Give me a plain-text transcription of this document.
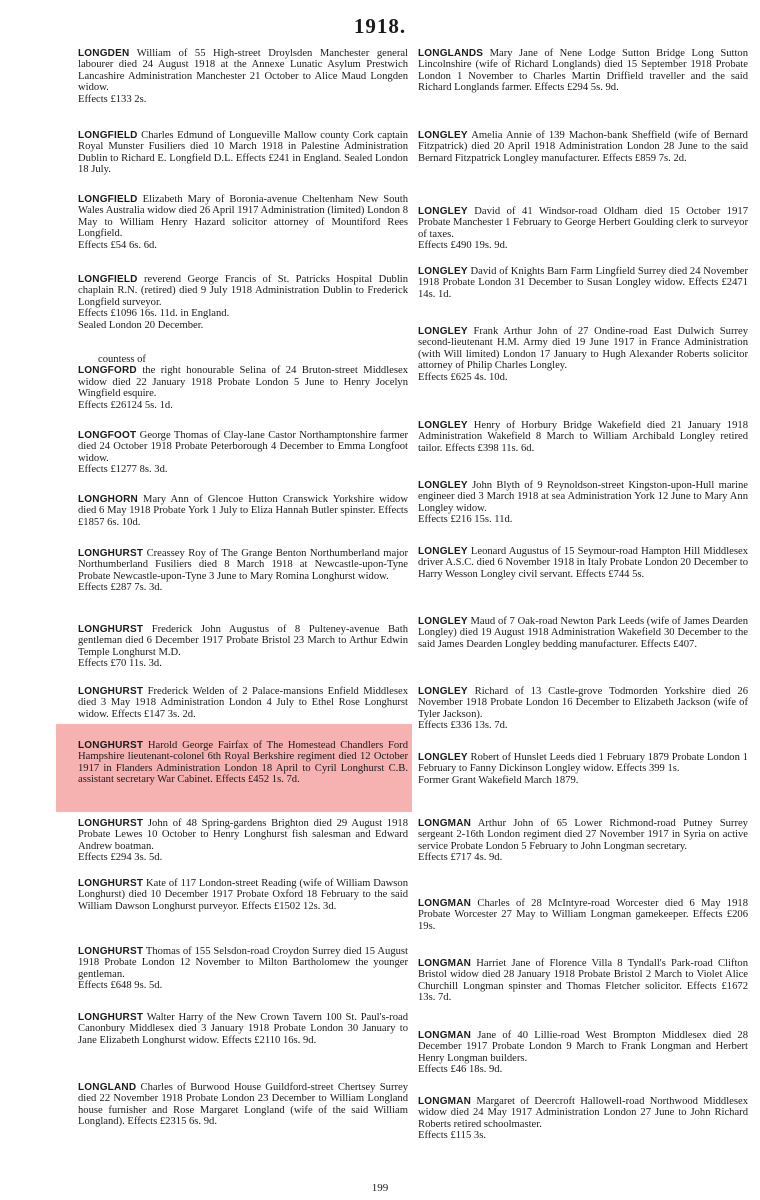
1918.
LONGDEN William of 55 High-street Droylsden Manchester general labourer died 24 August 1918 at the Annexe Lunatic Asylum Prestwich Lancashire Administration Manchester 21 October to Alice Maud Longden widow.
Effects £133 2s.
LONGFIELD Charles Edmund of Longueville Mallow county Cork captain Royal Munster Fusiliers died 10 March 1918 in Palestine Administration Dublin to Richard E. Longfield D.L. Effects £241 in England. Sealed London 18 July.
LONGFIELD Elizabeth Mary of Boronia-avenue Cheltenham New South Wales Australia widow died 26 April 1917 Administration (limited) London 8 May to William Henry Hazard solicitor attorney of Mountiford Rees Longfield.
Effects £54 6s. 6d.
LONGFIELD reverend George Francis of St. Patricks Hospital Dublin chaplain R.N. (retired) died 9 July 1918 Administration Dublin to Frederick Longfield surveyor.
Effects £1096 16s. 11d. in England.
Sealed London 20 December.
countess of
LONGFORD the right honourable Selina of 24 Bruton-street Middlesex widow died 22 January 1918 Probate London 5 June to Henry Jocelyn Wingfield esquire.
Effects £26124 5s. 1d.
LONGFOOT George Thomas of Clay-lane Castor Northamptonshire farmer died 24 October 1918 Probate Peterborough 4 December to Emma Longfoot widow.
Effects £1277 8s. 3d.
LONGHORN Mary Ann of Glencoe Hutton Cranswick Yorkshire widow died 6 May 1918 Probate York 1 July to Eliza Hannah Butler spinster. Effects £1857 6s. 10d.
LONGHURST Creassey Roy of The Grange Benton Northumberland major Northumberland Fusiliers died 8 March 1918 at Newcastle-upon-Tyne Probate Newcastle-upon-Tyne 3 June to Mary Romina Longhurst widow.
Effects £287 7s. 3d.
LONGHURST Frederick John Augustus of 8 Pulteney-avenue Bath gentleman died 6 December 1917 Probate Bristol 23 March to Arthur Edwin Temple Longhurst M.D.
Effects £70 11s. 3d.
LONGHURST Frederick Welden of 2 Palace-mansions Enfield Middlesex died 3 May 1918 Administration London 4 July to Ethel Rose Longhurst widow. Effects £147 3s. 2d.
LONGHURST Harold George Fairfax of The Homestead Chandlers Ford Hampshire lieutenant-colonel 6th Royal Berkshire regiment died 12 October 1917 in Flanders Administration London 18 April to Cyril Longhurst C.B. assistant secretary War Cabinet. Effects £452 1s. 7d.
LONGHURST John of 48 Spring-gardens Brighton died 29 August 1918 Probate Lewes 10 October to Henry Longhurst fish salesman and Edward Andrew boatman.
Effects £294 3s. 5d.
LONGHURST Kate of 117 London-street Reading (wife of William Dawson Longhurst) died 10 December 1917 Probate Oxford 18 February to the said William Dawson Longhurst purveyor. Effects £1502 12s. 3d.
LONGHURST Thomas of 155 Selsdon-road Croydon Surrey died 15 August 1918 Probate London 12 November to Milton Bartholomew the younger gentleman.
Effects £648 9s. 5d.
LONGHURST Walter Harry of the New Crown Tavern 100 St. Paul's-road Canonbury Middlesex died 3 January 1918 Probate London 30 January to Jane Elizabeth Longhurst widow. Effects £2110 16s. 9d.
LONGLAND Charles of Burwood House Guildford-street Chertsey Surrey died 22 November 1918 Probate London 23 December to William Longland house furnisher and Rose Margaret Longland (wife of the said William Longland). Effects £2315 6s. 9d.
LONGLANDS Mary Jane of Nene Lodge Sutton Bridge Long Sutton Lincolnshire (wife of Richard Longlands) died 15 September 1918 Probate London 1 November to Charles Martin Driffield traveller and the said Richard Longlands farmer. Effects £294 5s. 9d.
LONGLEY Amelia Annie of 139 Machon-bank Sheffield (wife of Bernard Fitzpatrick) died 20 April 1918 Administration London 28 June to the said Bernard Fitzpatrick Longley manufacturer. Effects £859 7s. 2d.
LONGLEY David of 41 Windsor-road Oldham died 15 October 1917 Probate Manchester 1 February to George Herbert Goulding clerk to surveyor of taxes.
Effects £490 19s. 9d.
LONGLEY David of Knights Barn Farm Lingfield Surrey died 24 November 1918 Probate London 31 December to Susan Longley widow. Effects £2471 14s. 1d.
LONGLEY Frank Arthur John of 27 Ondine-road East Dulwich Surrey second-lieutenant H.M. Army died 19 June 1917 in France Administration (with Will limited) London 17 January to Hugh Alexander Roberts solicitor attorney of Philip Charles Longley.
Effects £625 4s. 10d.
LONGLEY Henry of Horbury Bridge Wakefield died 21 January 1918 Administration Wakefield 8 March to William Archibald Longley retired tailor. Effects £398 11s. 6d.
LONGLEY John Blyth of 9 Reynoldson-street Kingston-upon-Hull marine engineer died 3 March 1918 at sea Administration York 12 June to Mary Ann Longley widow.
Effects £216 15s. 11d.
LONGLEY Leonard Augustus of 15 Seymour-road Hampton Hill Middlesex driver A.S.C. died 6 November 1918 in Italy Probate London 20 December to Harry Wesson Longley civil servant. Effects £744 5s.
LONGLEY Maud of 7 Oak-road Newton Park Leeds (wife of James Dearden Longley) died 19 August 1918 Administration Wakefield 30 December to the said James Dearden Longley bedding manufacturer. Effects £407.
LONGLEY Richard of 13 Castle-grove Todmorden Yorkshire died 26 November 1918 Probate London 16 December to Elizabeth Jackson (wife of Tyler Jackson).
Effects £336 13s. 7d.
LONGLEY Robert of Hunslet Leeds died 1 February 1879 Probate London 1 February to Fanny Dickinson Longley widow. Effects 399 1s.
Former Grant Wakefield March 1879.
LONGMAN Arthur John of 65 Lower Richmond-road Putney Surrey sergeant 2-16th London regiment died 27 November 1917 in Syria on active service Probate London 5 February to John Longman secretary.
Effects £717 4s. 9d.
LONGMAN Charles of 28 McIntyre-road Worcester died 6 May 1918 Probate Worcester 27 May to William Longman gamekeeper. Effects £206 19s.
LONGMAN Harriet Jane of Florence Villa 8 Tyndall's Park-road Clifton Bristol widow died 28 January 1918 Probate Bristol 2 March to Violet Alice Churchill Longman spinster and Thomas Fletcher solicitor. Effects £1672 13s. 7d.
LONGMAN Jane of 40 Lillie-road West Brompton Middlesex died 28 December 1917 Probate London 9 March to Frank Longman and Herbert Henry Longman builders.
Effects £46 18s. 9d.
LONGMAN Margaret of Deercroft Hallowell-road Northwood Middlesex widow died 24 May 1917 Administration London 27 June to John Richard Roberts retired schoolmaster.
Effects £115 3s.
199
